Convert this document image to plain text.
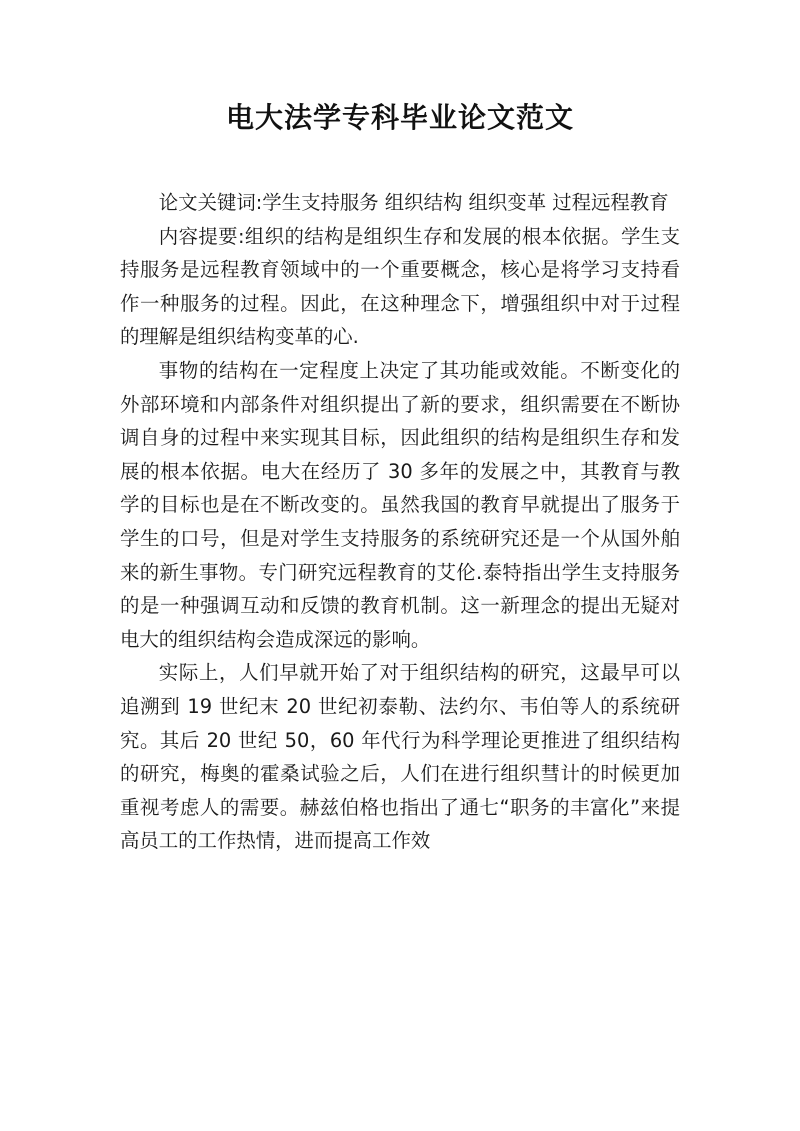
电大法学专科毕业论文范文

论文关键词:学生支持服务 组织结构 组织变革 过程远程教育

内容提要:组织的结构是组织生存和发展的根本依据。学生支持服务是远程教育领域中的一个重要概念，核心是将学习支持看作一种服务的过程。因此，在这种理念下，增强组织中对于过程的理解是组织结构变革的心.

事物的结构在一定程度上决定了其功能或效能。不断变化的外部环境和内部条件对组织提出了新的要求，组织需要在不断协调自身的过程中来实现其目标，因此组织的结构是组织生存和发展的根本依据。电大在经历了 30 多年的发展之中，其教育与教学的目标也是在不断改变的。虽然我国的教育早就提出了服务于学生的口号，但是对学生支持服务的系统研究还是一个从国外舶来的新生事物。专门研究远程教育的艾伦.泰特指出学生支持服务的是一种强调互动和反馈的教育机制。这一新理念的提出无疑对电大的组织结构会造成深远的影响。

实际上，人们早就开始了对于组织结构的研究，这最早可以追溯到 19 世纪末 20 世纪初泰勒、法约尔、韦伯等人的系统研究。其后 20 世纪 50，60 年代行为科学理论更推进了组织结构的研究，梅奥的霍桑试验之后，人们在进行组织彗计的时候更加重视考虑人的需要。赫兹伯格也指出了通七“职务的丰富化”来提高员工的工作热情，进而提高工作效
